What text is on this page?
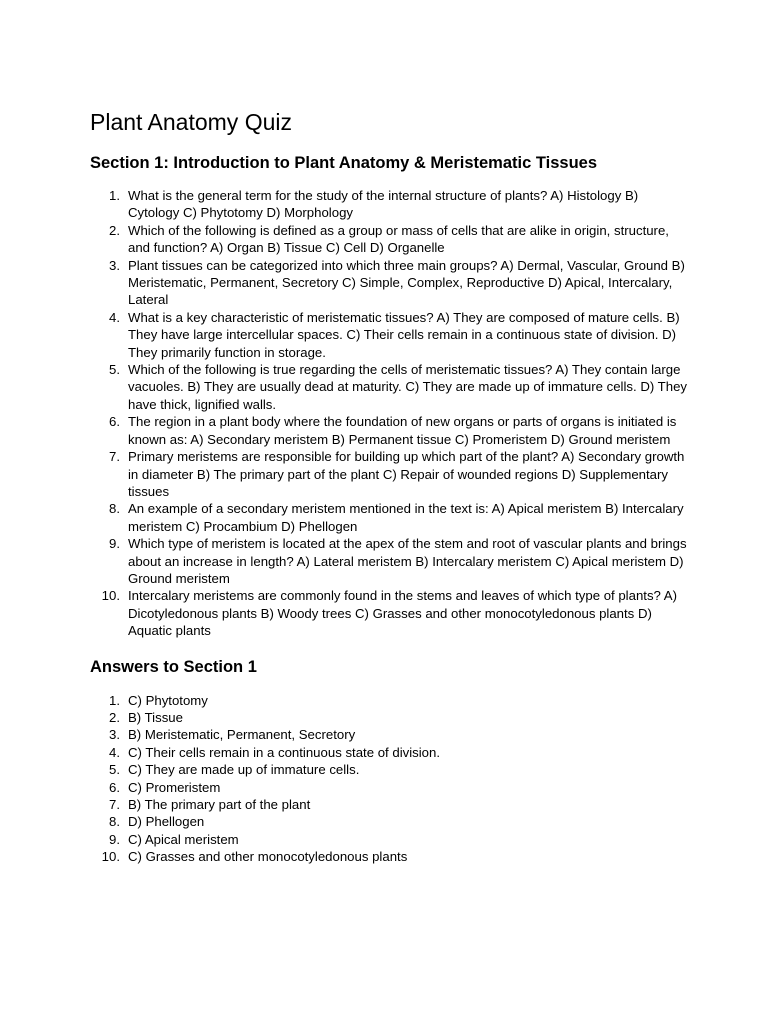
Plant Anatomy Quiz
Section 1: Introduction to Plant Anatomy & Meristematic Tissues
1. What is the general term for the study of the internal structure of plants? A) Histology B) Cytology C) Phytotomy D) Morphology
2. Which of the following is defined as a group or mass of cells that are alike in origin, structure, and function? A) Organ B) Tissue C) Cell D) Organelle
3. Plant tissues can be categorized into which three main groups? A) Dermal, Vascular, Ground B) Meristematic, Permanent, Secretory C) Simple, Complex, Reproductive D) Apical, Intercalary, Lateral
4. What is a key characteristic of meristematic tissues? A) They are composed of mature cells. B) They have large intercellular spaces. C) Their cells remain in a continuous state of division. D) They primarily function in storage.
5. Which of the following is true regarding the cells of meristematic tissues? A) They contain large vacuoles. B) They are usually dead at maturity. C) They are made up of immature cells. D) They have thick, lignified walls.
6. The region in a plant body where the foundation of new organs or parts of organs is initiated is known as: A) Secondary meristem B) Permanent tissue C) Promeristem D) Ground meristem
7. Primary meristems are responsible for building up which part of the plant? A) Secondary growth in diameter B) The primary part of the plant C) Repair of wounded regions D) Supplementary tissues
8. An example of a secondary meristem mentioned in the text is: A) Apical meristem B) Intercalary meristem C) Procambium D) Phellogen
9. Which type of meristem is located at the apex of the stem and root of vascular plants and brings about an increase in length? A) Lateral meristem B) Intercalary meristem C) Apical meristem D) Ground meristem
10. Intercalary meristems are commonly found in the stems and leaves of which type of plants? A) Dicotyledonous plants B) Woody trees C) Grasses and other monocotyledonous plants D) Aquatic plants
Answers to Section 1
1. C) Phytotomy
2. B) Tissue
3. B) Meristematic, Permanent, Secretory
4. C) Their cells remain in a continuous state of division.
5. C) They are made up of immature cells.
6. C) Promeristem
7. B) The primary part of the plant
8. D) Phellogen
9. C) Apical meristem
10. C) Grasses and other monocotyledonous plants
